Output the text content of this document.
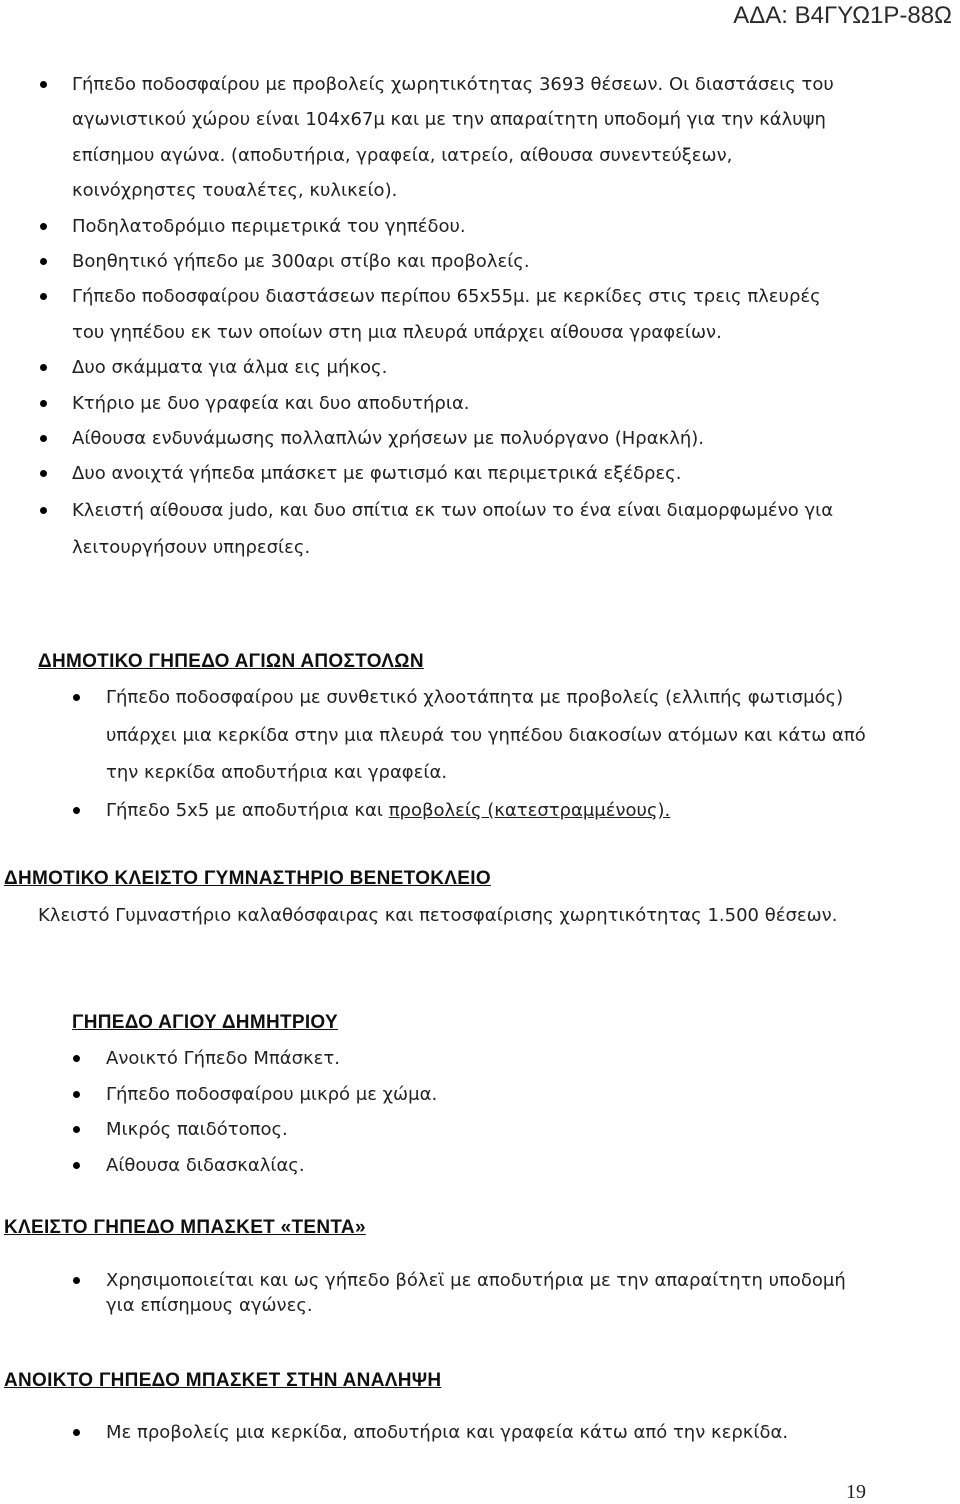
ΑΔΑ: Β4ΓΥΩ1Ρ-88Ω
Γήπεδο ποδοσφαίρου με προβολείς χωρητικότητας 3693 θέσεων. Οι διαστάσεις του αγωνιστικού χώρου είναι 104x67μ και με την απαραίτητη υποδομή για την κάλυψη επίσημου αγώνα. (αποδυτήρια, γραφεία, ιατρείο, αίθουσα συνεντεύξεων, κοινόχρηστες τουαλέτες, κυλικείο).
Ποδηλατοδρόμιο περιμετρικά του γηπέδου.
Βοηθητικό γήπεδο με 300αρι στίβο και προβολείς.
Γήπεδο ποδοσφαίρου διαστάσεων περίπου 65x55μ. με κερκίδες στις τρεις πλευρές του γηπέδου εκ των οποίων στη μια πλευρά υπάρχει αίθουσα γραφείων.
Δυο σκάμματα για άλμα εις μήκος.
Κτήριο με δυο γραφεία και δυο αποδυτήρια.
Αίθουσα ενδυνάμωσης πολλαπλών χρήσεων με πολυόργανο (Ηρακλή).
Δυο ανοιχτά γήπεδα μπάσκετ με φωτισμό και περιμετρικά εξέδρες.
Κλειστή αίθουσα judo, και δυο σπίτια εκ των οποίων το ένα είναι διαμορφωμένο για λειτουργήσουν υπηρεσίες.
ΔΗΜΟΤΙΚΟ ΓΗΠΕΔΟ ΑΓΙΩΝ ΑΠΟΣΤΟΛΩΝ
Γήπεδο ποδοσφαίρου με συνθετικό χλοοτάπητα με προβολείς (ελλιπής φωτισμός) υπάρχει μια κερκίδα στην μια πλευρά του γηπέδου διακοσίων ατόμων και κάτω από την κερκίδα αποδυτήρια και γραφεία.
Γήπεδο 5x5 με αποδυτήρια και προβολείς (κατεστραμμένους).
ΔΗΜΟΤΙΚΟ ΚΛΕΙΣΤΟ ΓΥΜΝΑΣΤΗΡΙΟ ΒΕΝΕΤΟΚΛΕΙΟ

Κλειστό Γυμναστήριο καλαθόσφαιρας και πετοσφαίρισης χωρητικότητας 1.500 θέσεων.

ΓΗΠΕΔΟ ΑΓΙΟΥ ΔΗΜΗΤΡΙΟΥ
Ανοικτό Γήπεδο Μπάσκετ.
Γήπεδο ποδοσφαίρου μικρό με χώμα.
Μικρός παιδότοπος.
Αίθουσα διδασκαλίας.
ΚΛΕΙΣΤΟ ΓΗΠΕΔΟ ΜΠΑΣΚΕΤ «ΤΕΝΤΑ»
Χρησιμοποιείται και ως γήπεδο βόλεϊ με αποδυτήρια με την απαραίτητη υποδομή για επίσημους αγώνες.
ΑΝΟΙΚΤΟ ΓΗΠΕΔΟ ΜΠΑΣΚΕΤ ΣΤΗΝ ΑΝΑΛΗΨΗ
Με προβολείς μια κερκίδα, αποδυτήρια και γραφεία κάτω από την κερκίδα.
19
